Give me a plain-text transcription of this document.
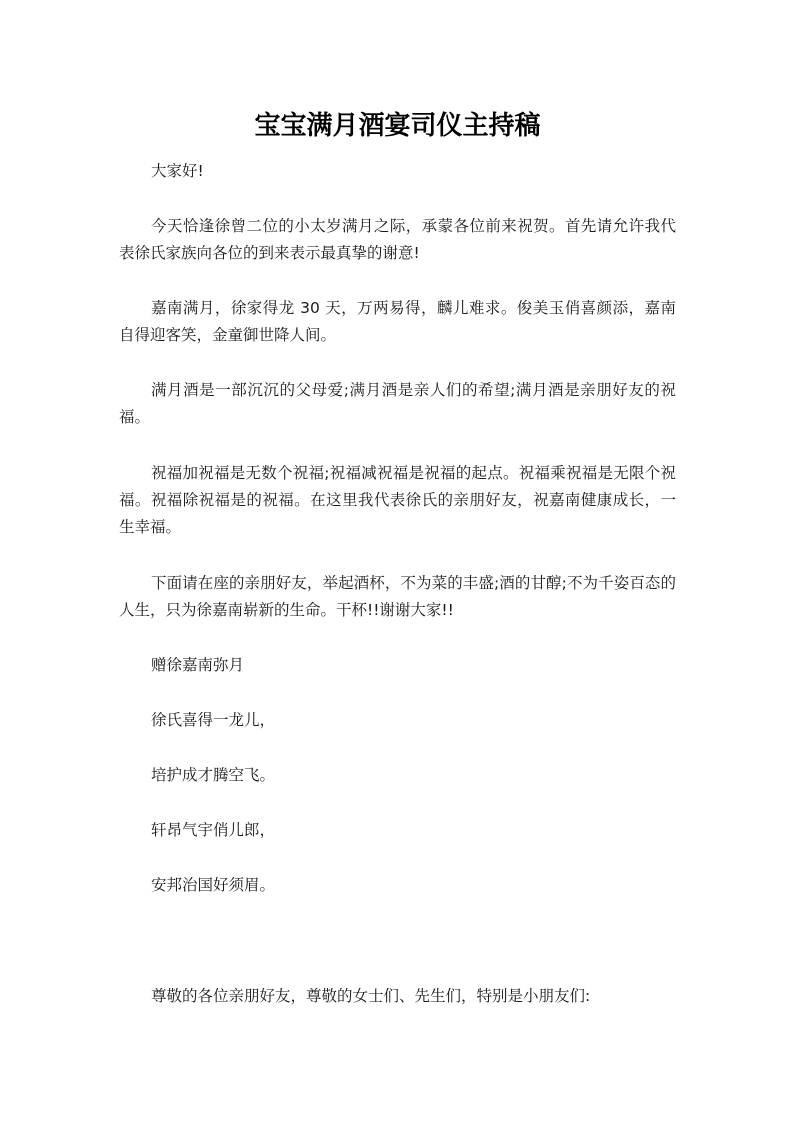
宝宝满月酒宴司仪主持稿

大家好!

今天恰逢徐曾二位的小太岁满月之际，承蒙各位前来祝贺。首先请允许我代表徐氏家族向各位的到来表示最真挚的谢意!

嘉南满月，徐家得龙 30 天，万两易得，麟儿难求。俊美玉俏喜颜添，嘉南自得迎客笑，金童御世降人间。

满月酒是一部沉沉的父母爱;满月酒是亲人们的希望;满月酒是亲朋好友的祝福。

祝福加祝福是无数个祝福;祝福减祝福是祝福的起点。祝福乘祝福是无限个祝福。祝福除祝福是的祝福。在这里我代表徐氏的亲朋好友，祝嘉南健康成长，一生幸福。

下面请在座的亲朋好友，举起酒杯，不为菜的丰盛;酒的甘醇;不为千姿百态的人生，只为徐嘉南崭新的生命。干杯!!谢谢大家!!

赠徐嘉南弥月

徐氏喜得一龙儿，

培护成才腾空飞。

轩昂气宇俏儿郎，

安邦治国好须眉。

尊敬的各位亲朋好友，尊敬的女士们、先生们，特别是小朋友们:
